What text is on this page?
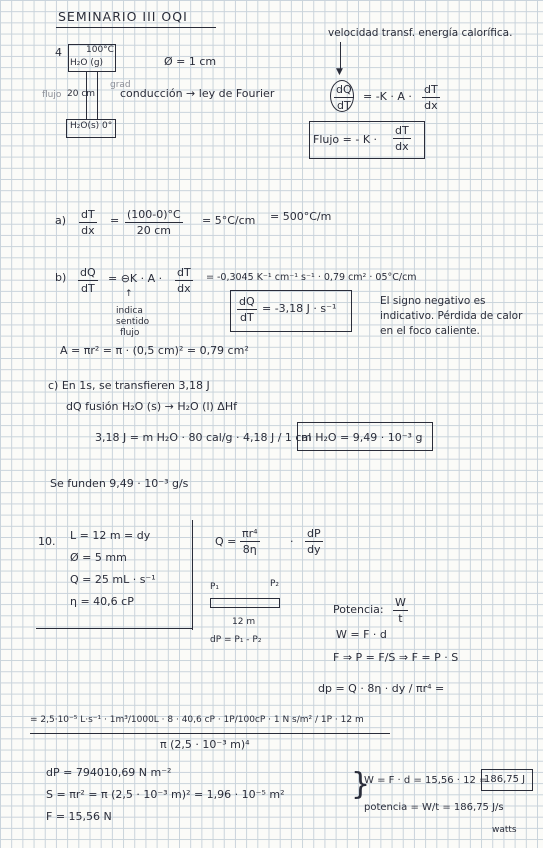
SEMINARIO III OQI
4	100°C
H₂O (g)
flujo 20 cm
grad
conducción → ley de Fourier
H₂O(s) 0°
Ø = 1 cm
velocidad transf. energía calorífica.
▼
$\frac{dQ}{dT} = -K \cdot A \cdot \frac{dT}{dx}$
Flujo = - $K \cdot \frac{dT}{dx}$
$a) \frac{dT}{dx} = \frac{(100-0)^\circ C}{20 cm} = 5^\circ C/cm = 500^\circ C/m$
$b) \frac{dQ}{dT}$ = ⊖K · $A \cdot \frac{dT}{dx} = -0,3045$ K⁻¹ cm⁻¹ s⁻¹ · 0,79 cm² · 05°C/cm
↑
indica
sentido
flujo
$\frac{dQ}{dT} = -3,18$ J · s⁻¹
El signo negativo es indicativo. Pérdida de calor en el foco caliente.
A = πr² = π · (0,5 cm)² = 0,79 cm²
c) En 1s, se transfieren 3,18 J
dQ fusión H₂O (s) → H₂O (l) ΔHf
3,18 J = m H₂O · 80 cal/g · 4,18 J / 1 cal
m H₂O = 9,49 · 10⁻³ g
Se funden 9,49 · 10⁻³ g/s
10. L = 12 m = dy
Ø = 5 mm
Q = 25 mL · s⁻¹
η = 40,6 cP
$Q = \frac{\text{πr⁴}}{8\eta}$	· $\frac{dP}{dy}$
P₁	P₂
12 m
dP = P₁ - P₂
Potencia: $\frac{W}{t}$
W = F · d
F ⇒ P = F/S ⇒ F = P · S
dp = Q · 8η · dy / πr⁴ =
= 2,5·10⁻⁵ L·s⁻¹ · 1m³/1000L · 8 · 40,6 cP · 1P/100cP · 1 N s/m² / 1P · 12 m
π (2,5 · 10⁻³ m)⁴
dP = 794010,69 N m⁻²
S = πr² = π (2,5 · 10⁻³ m)² = 1,96 · 10⁻⁵ m²
F = 15,56 N
}
W = F · d = 15,56 · 12 =
186,75 J
potencia = W/t = 186,75 J/s
watts
